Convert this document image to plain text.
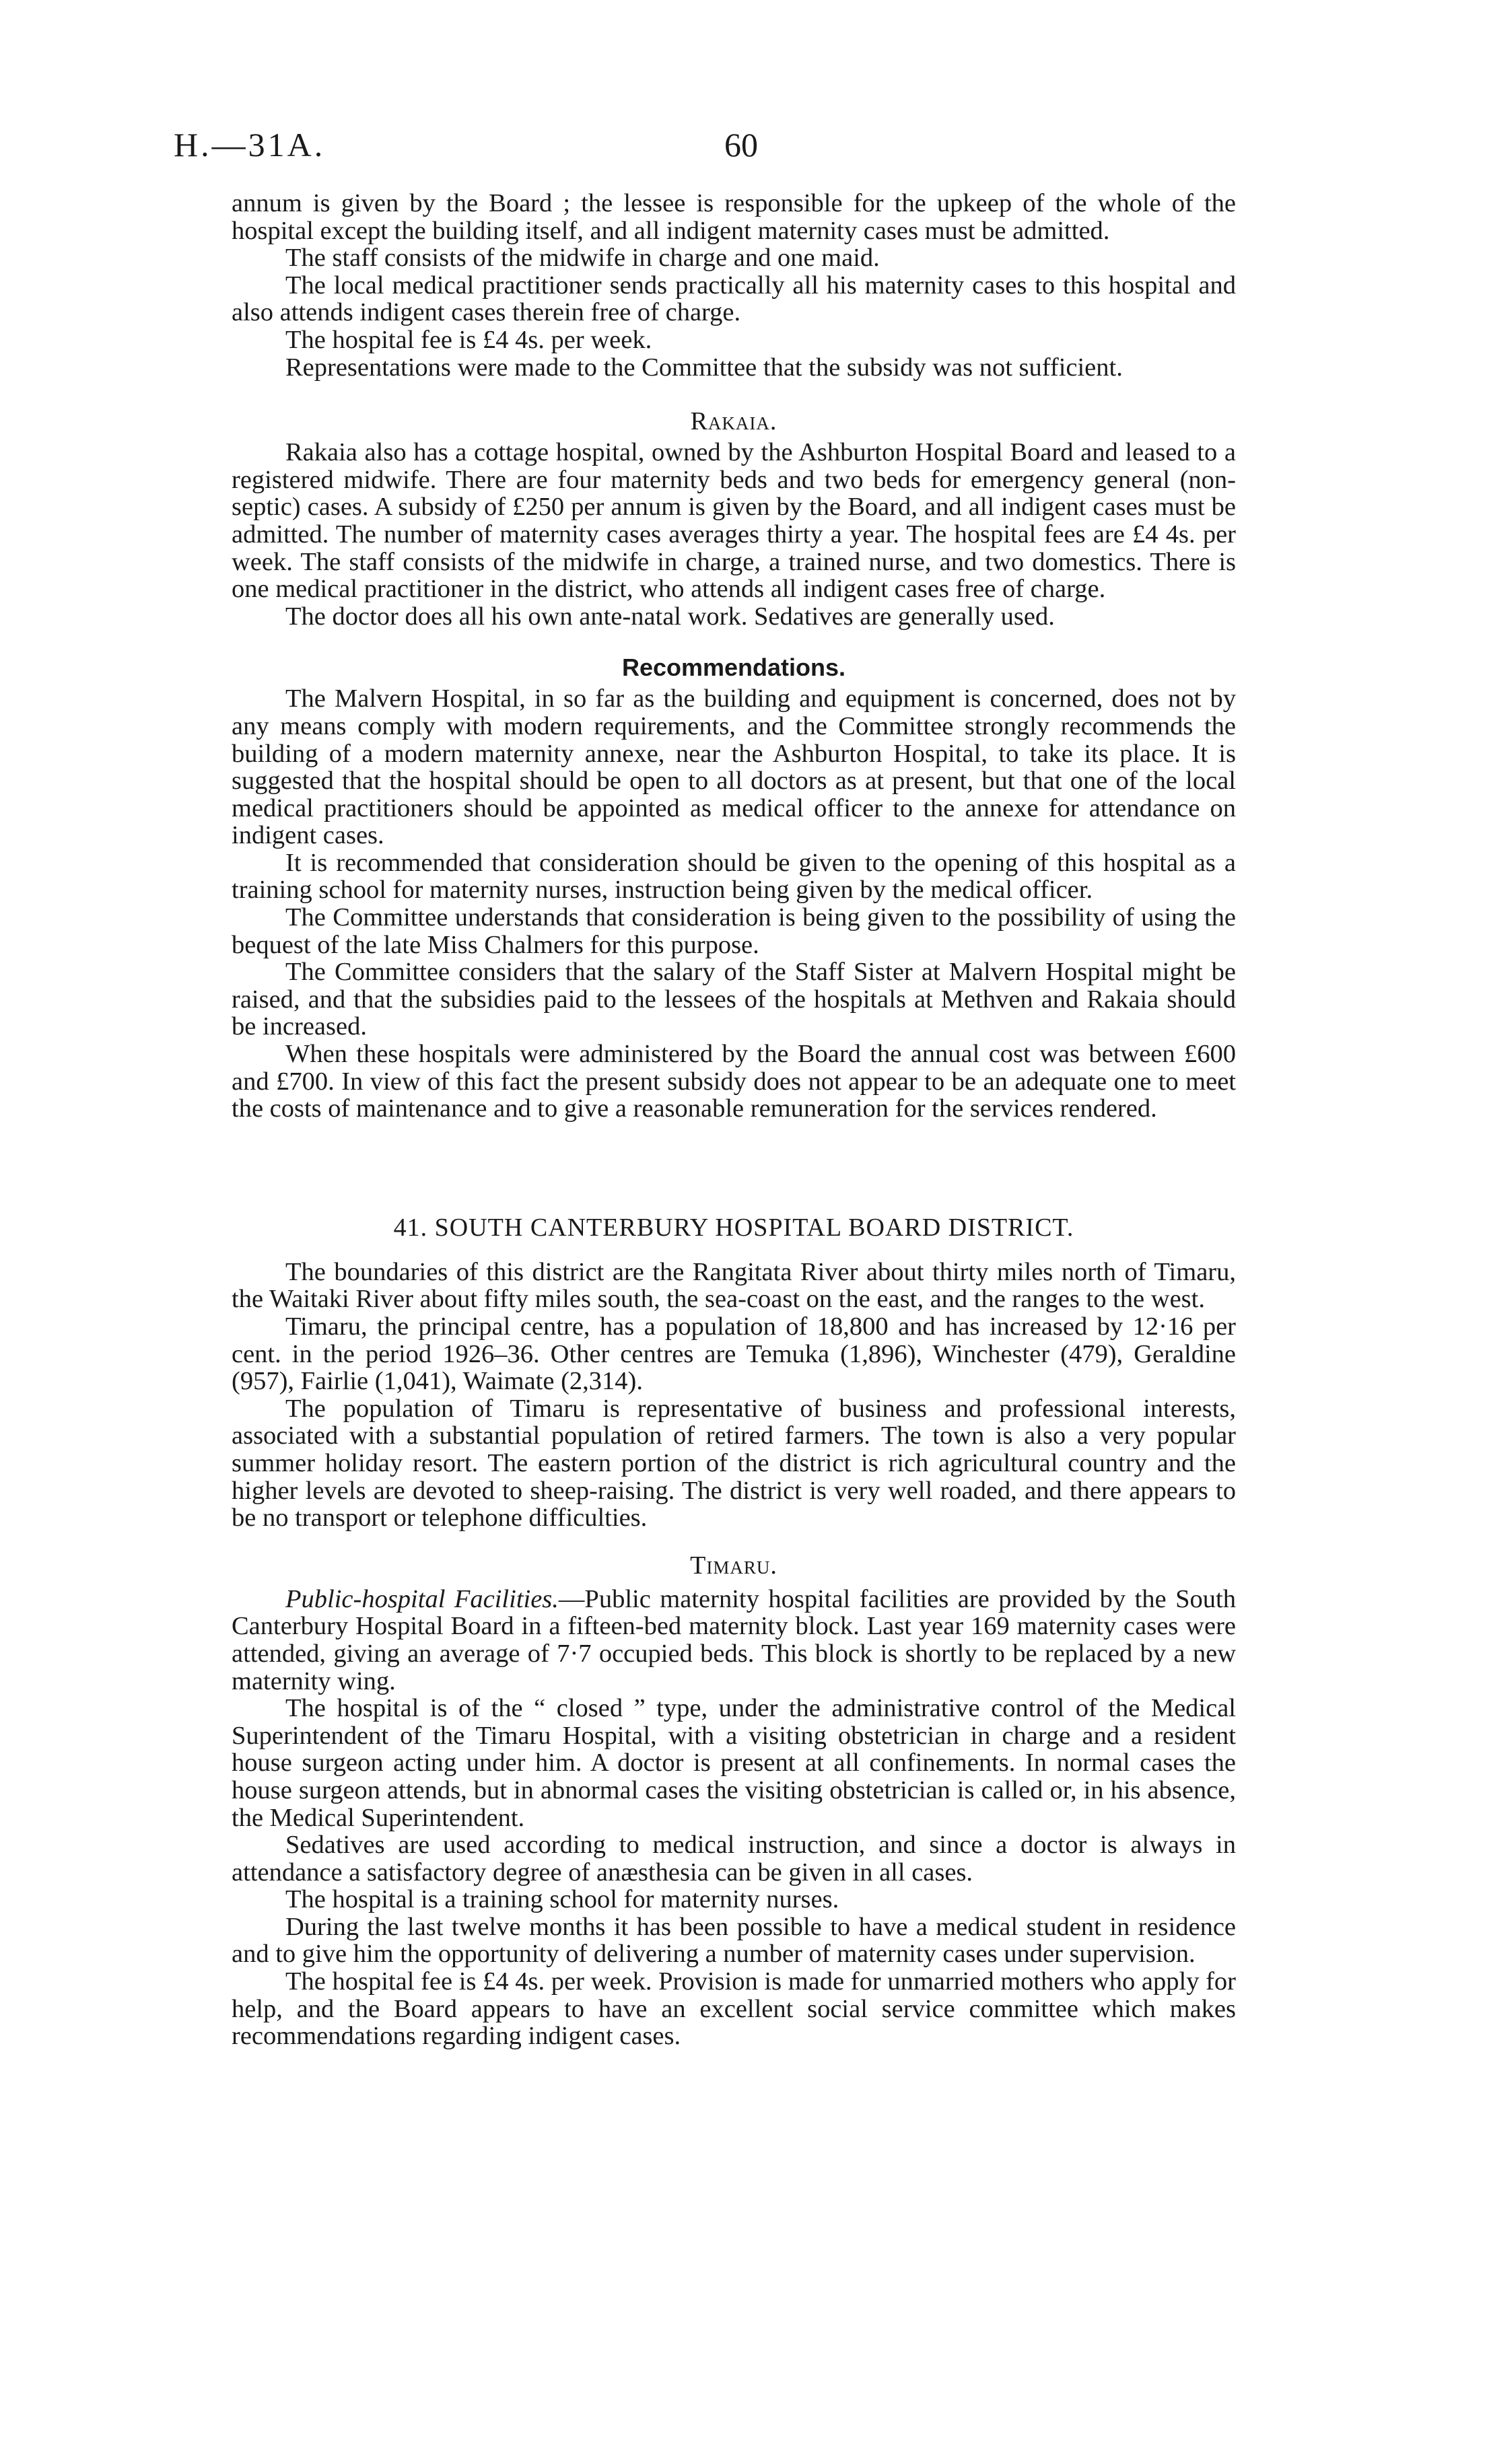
H.—31A.	60

annum is given by the Board ; the lessee is responsible for the upkeep of the whole of the hospital except the building itself, and all indigent maternity cases must be admitted.

The staff consists of the midwife in charge and one maid.

The local medical practitioner sends practically all his maternity cases to this hospital and also attends indigent cases therein free of charge.

The hospital fee is £4 4s. per week.

Representations were made to the Committee that the subsidy was not sufficient.

Rakaia.

Rakaia also has a cottage hospital, owned by the Ashburton Hospital Board and leased to a registered midwife. There are four maternity beds and two beds for emergency general (non-septic) cases. A subsidy of £250 per annum is given by the Board, and all indigent cases must be admitted. The number of maternity cases averages thirty a year. The hospital fees are £4 4s. per week. The staff consists of the midwife in charge, a trained nurse, and two domestics. There is one medical practitioner in the district, who attends all indigent cases free of charge.

The doctor does all his own ante-natal work. Sedatives are generally used.

Recommendations.

The Malvern Hospital, in so far as the building and equipment is concerned, does not by any means comply with modern requirements, and the Committee strongly recommends the building of a modern maternity annexe, near the Ashburton Hospital, to take its place. It is suggested that the hospital should be open to all doctors as at present, but that one of the local medical practitioners should be appointed as medical officer to the annexe for attendance on indigent cases.

It is recommended that consideration should be given to the opening of this hospital as a training school for maternity nurses, instruction being given by the medical officer.

The Committee understands that consideration is being given to the possibility of using the bequest of the late Miss Chalmers for this purpose.

The Committee considers that the salary of the Staff Sister at Malvern Hospital might be raised, and that the subsidies paid to the lessees of the hospitals at Methven and Rakaia should be increased.

When these hospitals were administered by the Board the annual cost was between £600 and £700. In view of this fact the present subsidy does not appear to be an adequate one to meet the costs of maintenance and to give a reasonable remuneration for the services rendered.

41. SOUTH CANTERBURY HOSPITAL BOARD DISTRICT.

The boundaries of this district are the Rangitata River about thirty miles north of Timaru, the Waitaki River about fifty miles south, the sea-coast on the east, and the ranges to the west.

Timaru, the principal centre, has a population of 18,800 and has increased by 12·16 per cent. in the period 1926–36. Other centres are Temuka (1,896), Winchester (479), Geraldine (957), Fairlie (1,041), Waimate (2,314).

The population of Timaru is representative of business and professional interests, associated with a substantial population of retired farmers. The town is also a very popular summer holiday resort. The eastern portion of the district is rich agricultural country and the higher levels are devoted to sheep-raising. The district is very well roaded, and there appears to be no transport or telephone difficulties.

Timaru.

Public-hospital Facilities.—Public maternity hospital facilities are provided by the South Canterbury Hospital Board in a fifteen-bed maternity block. Last year 169 maternity cases were attended, giving an average of 7·7 occupied beds. This block is shortly to be replaced by a new maternity wing.

The hospital is of the “ closed ” type, under the administrative control of the Medical Superintendent of the Timaru Hospital, with a visiting obstetrician in charge and a resident house surgeon acting under him. A doctor is present at all confinements. In normal cases the house surgeon attends, but in abnormal cases the visiting obstetrician is called or, in his absence, the Medical Superintendent.

Sedatives are used according to medical instruction, and since a doctor is always in attendance a satisfactory degree of anæsthesia can be given in all cases.

The hospital is a training school for maternity nurses.

During the last twelve months it has been possible to have a medical student in residence and to give him the opportunity of delivering a number of maternity cases under supervision.

The hospital fee is £4 4s. per week. Provision is made for unmarried mothers who apply for help, and the Board appears to have an excellent social service committee which makes recommendations regarding indigent cases.
